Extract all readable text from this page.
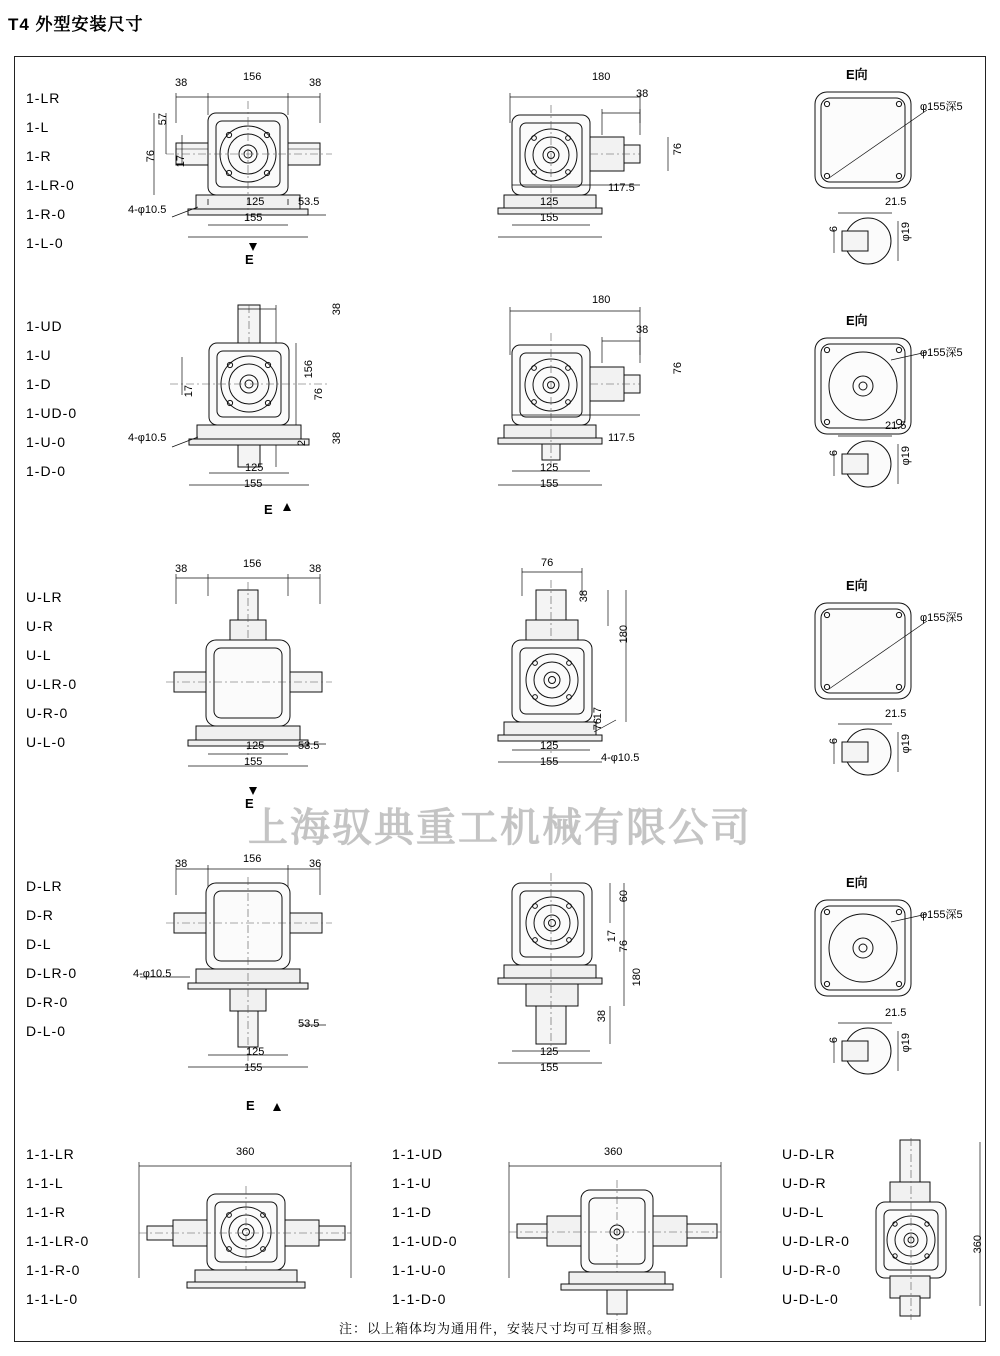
T4 外型安装尺寸
1-LR
1-L
1-R
1-LR-0
1-R-0
1-L-0
38	156	38
57
76 17
4-φ10.5
125	53.5
155
E
180
38
76
117.5
125
155
E向
φ155深5
21.5
6	φ19
1-UD
1-U
1-D
1-UD-0
1-U-0
1-D-0
38
156
17	76
38
2
4-φ10.5
125
155
E
180
38
76
117.5
125
155
E向
φ155深5
21.5
6	φ19
U-LR
U-R
U-L
U-LR-0
U-R-0
U-L-0
38	156	38
125	53.5
155
E
76
38
180
17
76
4-φ10.5
125
155
E向
φ155深5
21.5
6	φ19
上海驭典重工机械有限公司
D-LR
D-R
D-L
D-LR-0
D-R-0
D-L-0
38	156	36
4-φ10.5
53.5
125
155
E
60
17
76
180
38
125
155
E向
φ155深5
21.5
6	φ19
1-1-LR
1-1-L
1-1-R
1-1-LR-0
1-1-R-0
1-1-L-0
360	1-1-UD
1-1-U
1-1-D
1-1-UD-0
1-1-U-0
1-1-D-0
360	U-D-LR
U-D-R
U-D-L
U-D-LR-0
U-D-R-0
U-D-L-0
360
注：以上箱体均为通用件，安装尺寸均可互相参照。
